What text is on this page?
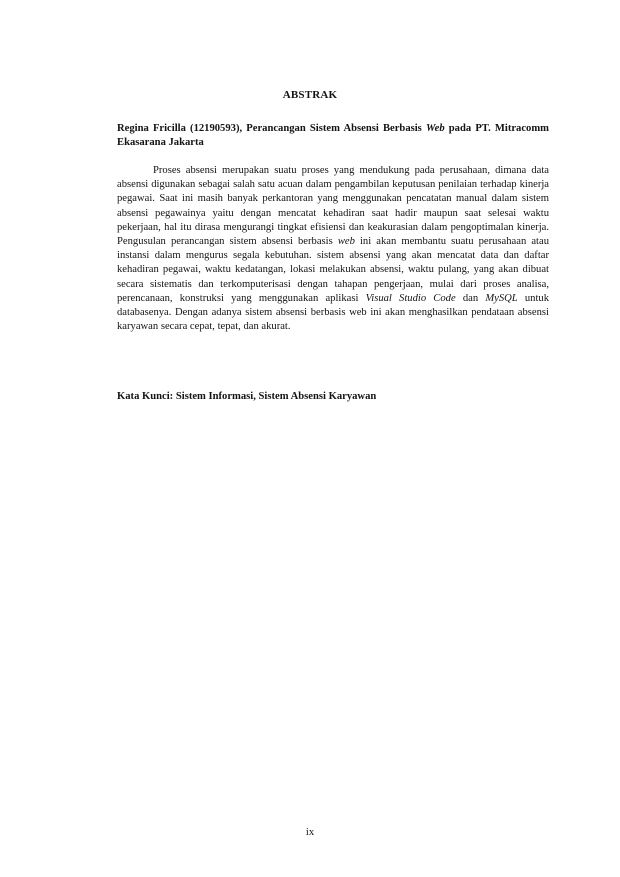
ABSTRAK
Regina Fricilla (12190593), Perancangan Sistem Absensi Berbasis Web pada PT. Mitracomm Ekasarana Jakarta

Proses absensi merupakan suatu proses yang mendukung pada perusahaan, dimana data absensi digunakan sebagai salah satu acuan dalam pengambilan keputusan penilaian terhadap kinerja pegawai. Saat ini masih banyak perkantoran yang menggunakan pencatatan manual dalam sistem absensi pegawainya yaitu dengan mencatat kehadiran saat hadir maupun saat selesai waktu pekerjaan, hal itu dirasa mengurangi tingkat efisiensi dan keakurasian dalam pengoptimalan kinerja. Pengusulan perancangan sistem absensi berbasis web ini akan membantu suatu perusahaan atau instansi dalam mengurus segala kebutuhan. sistem absensi yang akan mencatat data dan daftar kehadiran pegawai, waktu kedatangan, lokasi melakukan absensi, waktu pulang, yang akan dibuat secara sistematis dan terkomputerisasi dengan tahapan pengerjaan, mulai dari proses analisa, perencanaan, konstruksi yang menggunakan aplikasi Visual Studio Code dan MySQL untuk databasenya. Dengan adanya sistem absensi berbasis web ini akan menghasilkan pendataan absensi karyawan secara cepat, tepat, dan akurat.

Kata Kunci: Sistem Informasi, Sistem Absensi Karyawan
ix
